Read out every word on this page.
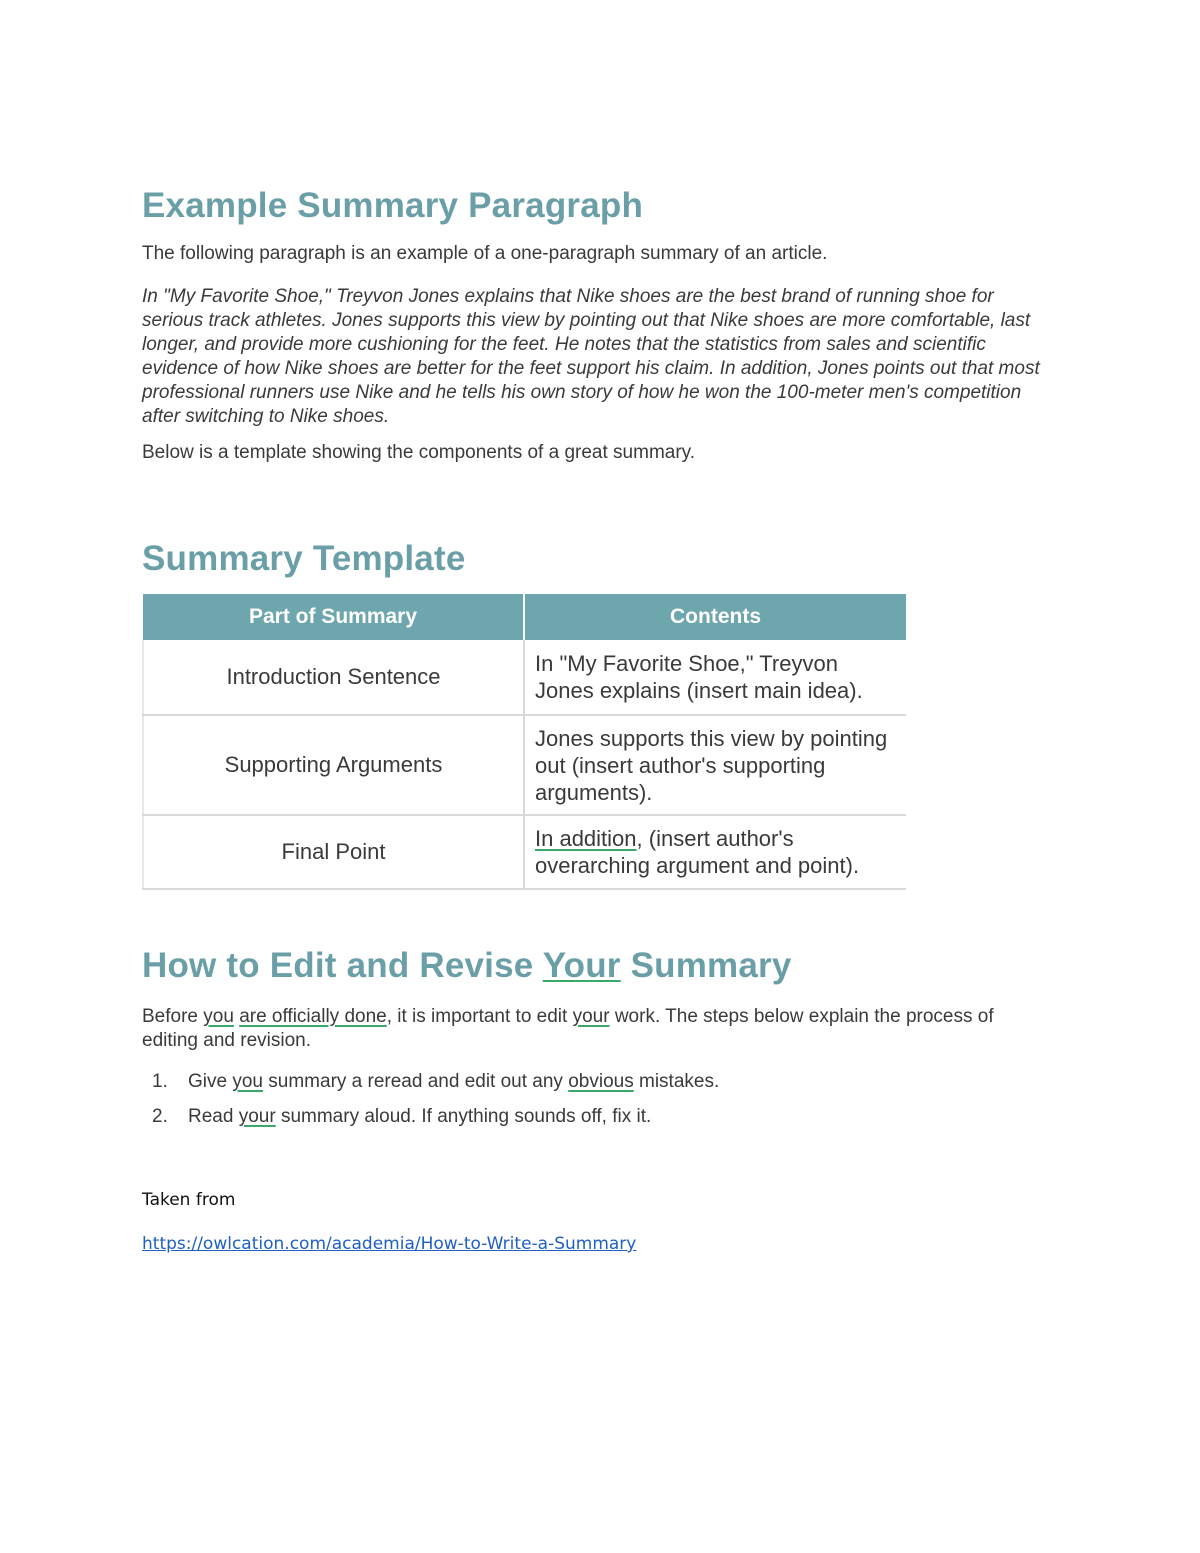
Example Summary Paragraph

The following paragraph is an example of a one-paragraph summary of an article.

In "My Favorite Shoe," Treyvon Jones explains that Nike shoes are the best brand of running shoe for serious track athletes. Jones supports this view by pointing out that Nike shoes are more comfortable, last longer, and provide more cushioning for the feet. He notes that the statistics from sales and scientific evidence of how Nike shoes are better for the feet support his claim. In addition, Jones points out that most professional runners use Nike and he tells his own story of how he won the 100-meter men's competition after switching to Nike shoes.

Below is a template showing the components of a great summary.

Summary Template
Part of Summary	Contents
Introduction Sentence	In "My Favorite Shoe," Treyvon Jones explains (insert main idea).
Supporting Arguments	Jones supports this view by pointing out (insert author's supporting arguments).
Final Point	In addition, (insert author's overarching argument and point).
How to Edit and Revise Your Summary

Before you are officially done, it is important to edit your work. The steps below explain the process of editing and revision.

1. Give you summary a reread and edit out any obvious mistakes.
2. Read your summary aloud. If anything sounds off, fix it.
Taken from
https://owlcation.com/academia/How-to-Write-a-Summary
